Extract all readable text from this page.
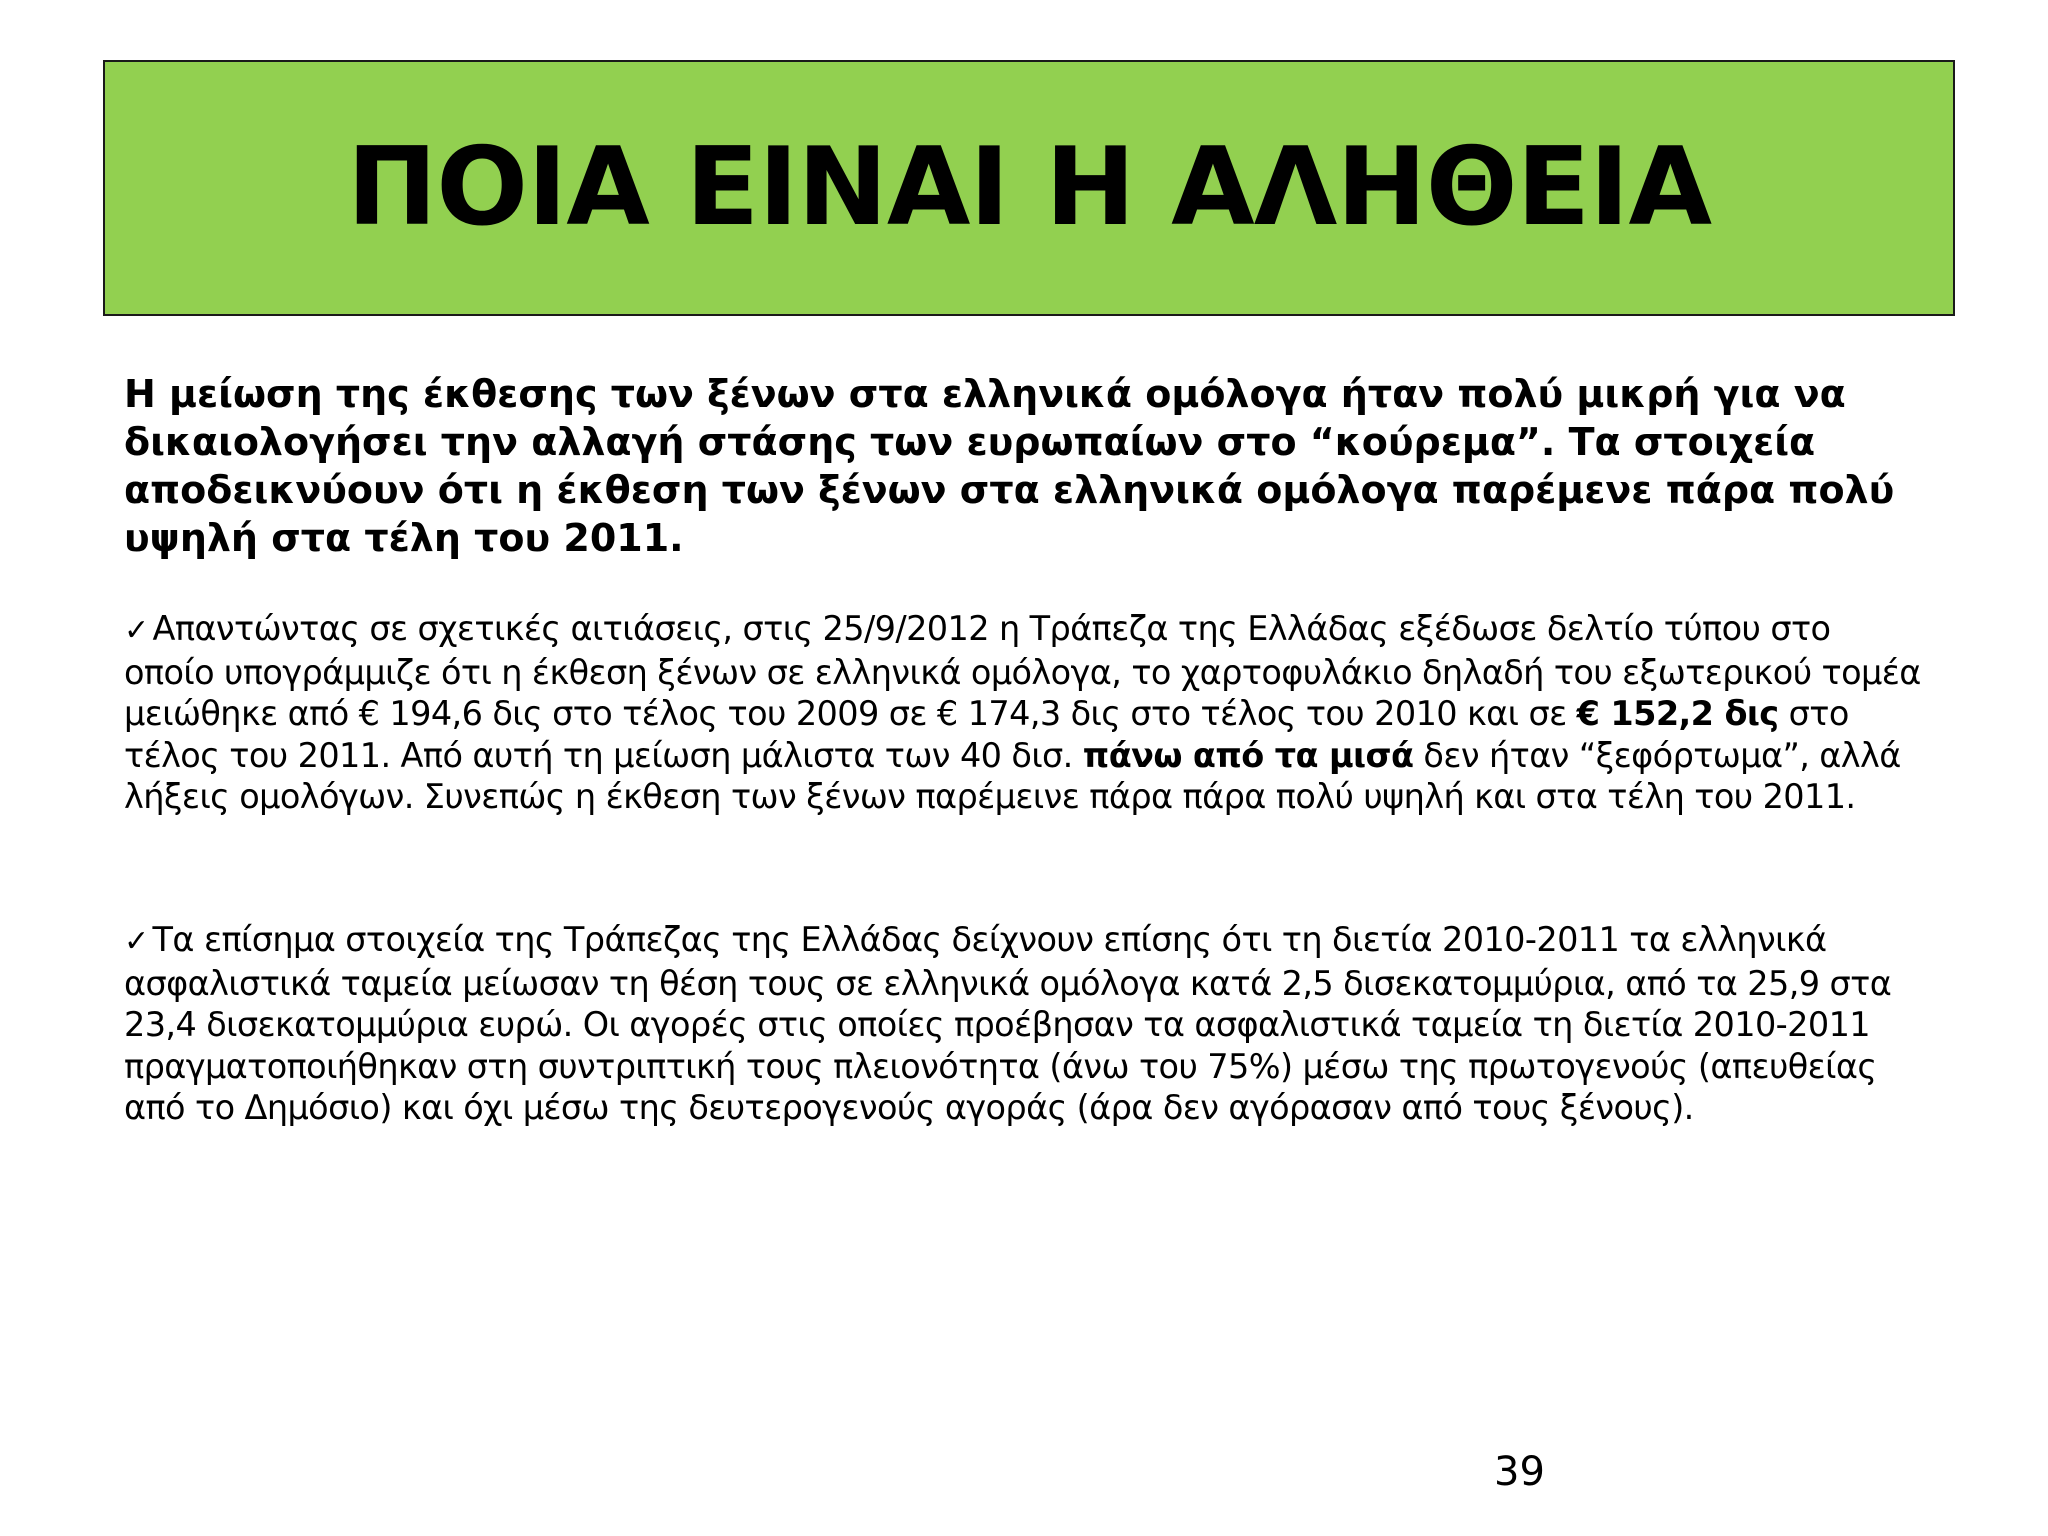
ΠΟΙΑ ΕΙΝΑΙ Η ΑΛΗΘΕΙΑ
Η μείωση της έκθεσης των ξένων στα ελληνικά ομόλογα ήταν πολύ μικρή για να δικαιολογήσει την αλλαγή στάσης των ευρωπαίων στο “κούρεμα”. Τα στοιχεία αποδεικνύουν ότι η έκθεση των ξένων στα ελληνικά ομόλογα παρέμενε πάρα πολύ υψηλή στα τέλη του 2011.
✓ Απαντώντας σε σχετικές αιτιάσεις, στις 25/9/2012 η Τράπεζα της Ελλάδας εξέδωσε δελτίο τύπου στο οποίο υπογράμμιζε ότι η έκθεση ξένων σε ελληνικά ομόλογα, το χαρτοφυλάκιο δηλαδή του εξωτερικού τομέα μειώθηκε από € 194,6 δις στο τέλος του 2009 σε € 174,3 δις στο τέλος του 2010 και σε € 152,2 δις στο τέλος του 2011. Από αυτή τη μείωση μάλιστα των 40 δισ. πάνω από τα μισά δεν ήταν “ξεφόρτωμα”, αλλά λήξεις ομολόγων. Συνεπώς η έκθεση των ξένων παρέμεινε πάρα πάρα πολύ υψηλή και στα τέλη του 2011.
✓ Τα επίσημα στοιχεία της Τράπεζας της Ελλάδας δείχνουν επίσης ότι τη διετία 2010-2011 τα ελληνικά ασφαλιστικά ταμεία μείωσαν τη θέση τους σε ελληνικά ομόλογα κατά 2,5 δισεκατομμύρια, από τα 25,9 στα 23,4 δισεκατομμύρια ευρώ. Οι αγορές στις οποίες προέβησαν τα ασφαλιστικά ταμεία τη διετία 2010-2011 πραγματοποιήθηκαν στη συντριπτική τους πλειονότητα (άνω του 75%) μέσω της πρωτογενούς (απευθείας από το Δημόσιο) και όχι μέσω της δευτερογενούς αγοράς (άρα δεν αγόρασαν από τους ξένους).
39
